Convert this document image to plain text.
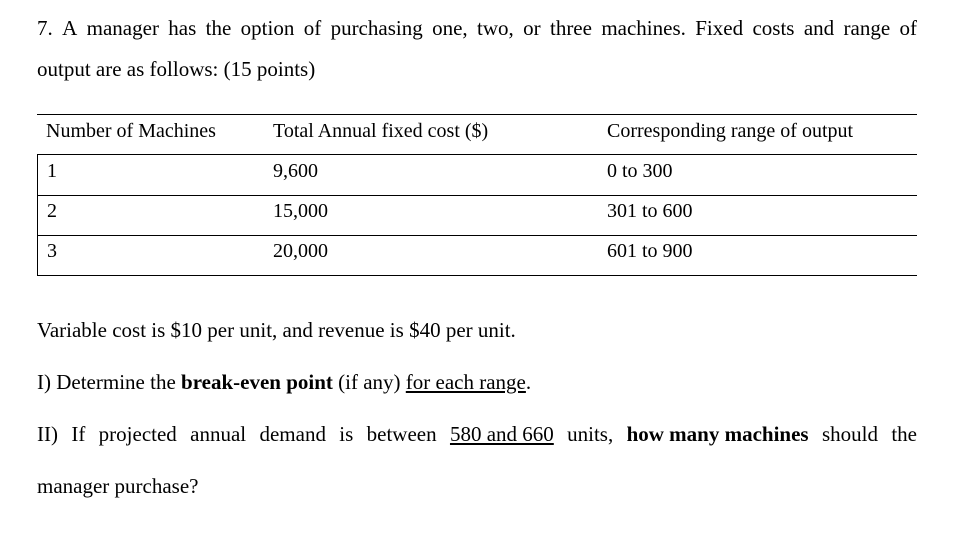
7. A manager has the option of purchasing one, two, or three machines. Fixed costs and range of
output are as follows: (15 points)
Number of Machines	Total Annual fixed cost ($)	Corresponding range of output
1	9,600	0 to 300
2	15,000	301 to 600
3	20,000	601 to 900
Variable cost is $10 per unit, and revenue is $40 per unit.
I) Determine the break-even point (if any) for each range.
II) If projected annual demand is between 580 and 660 units, how many machines should the
manager purchase?
